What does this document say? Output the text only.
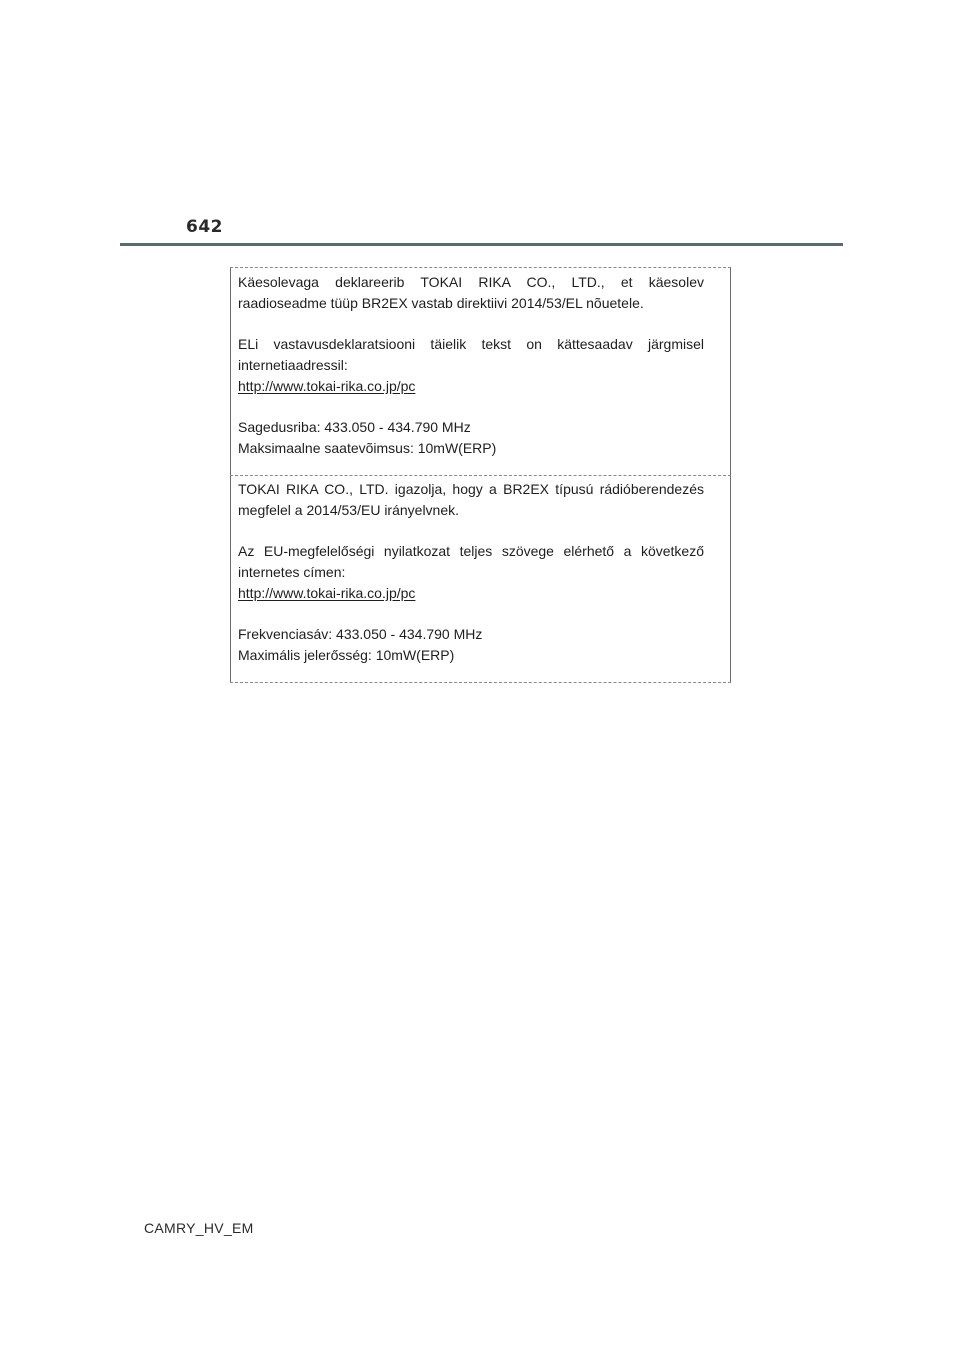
642

Käesolevaga deklareerib TOKAI RIKA CO., LTD., et käesolev raadioseadme tüüp BR2EX vastab direktiivi 2014/53/EL nõuetele.

ELi vastavusdeklaratsiooni täielik tekst on kättesaadav järgmisel internetiaadressil:

http://www.tokai-rika.co.jp/pc

Sagedusriba: 433.050 - 434.790 MHz

Maksimaalne saatevõimsus: 10mW(ERP)

TOKAI RIKA CO., LTD. igazolja, hogy a BR2EX típusú rádióberendezés megfelel a 2014/53/EU irányelvnek.

Az EU-megfelelőségi nyilatkozat teljes szövege elérhető a következő internetes címen:

http://www.tokai-rika.co.jp/pc

Frekvenciasáv: 433.050 - 434.790 MHz

Maximális jelerősség: 10mW(ERP)

CAMRY_HV_EM
